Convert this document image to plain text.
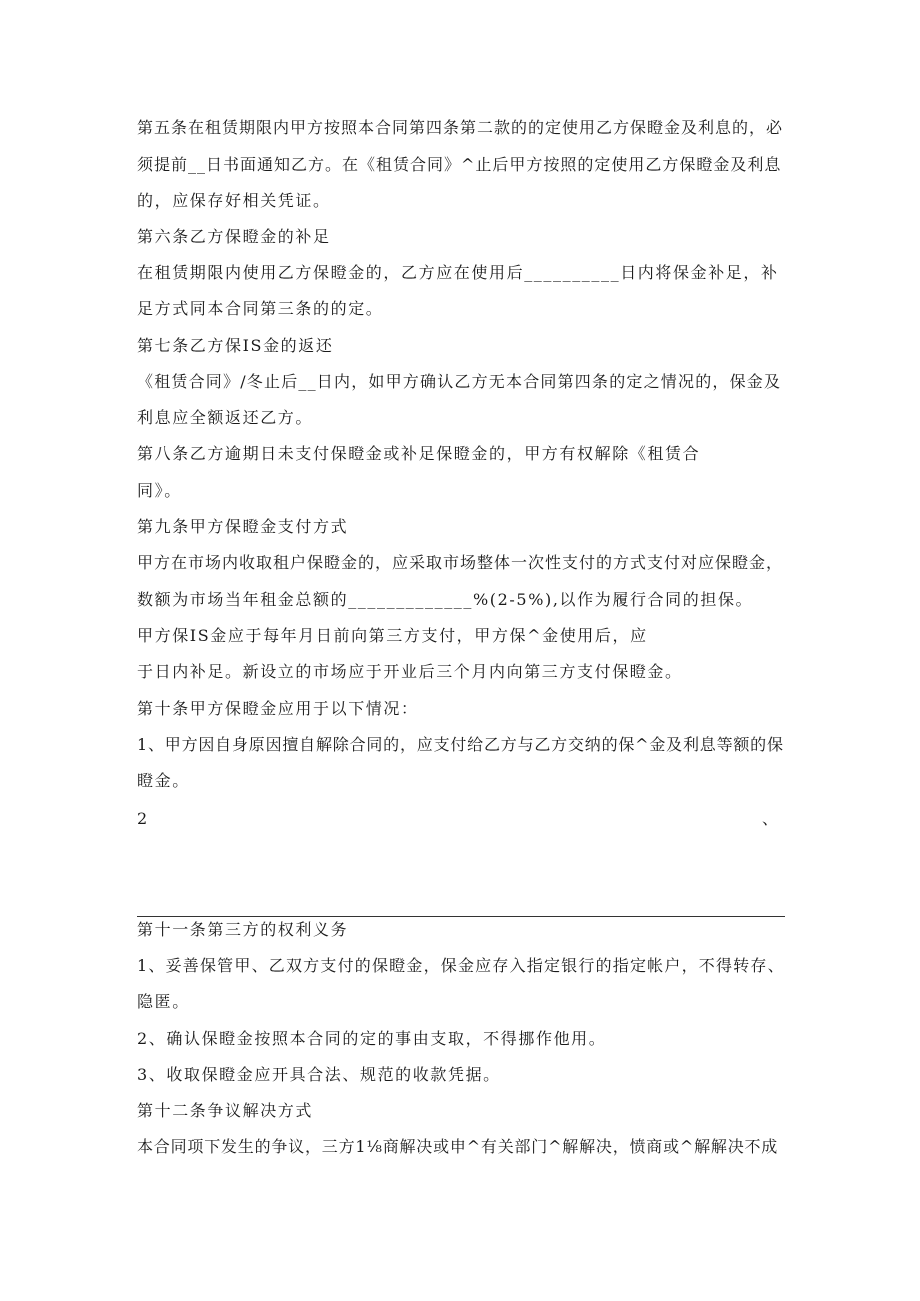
第五条在租赁期限内甲方按照本合同第四条第二款的的定使用乙方保瞪金及利息的，必
须提前__日书面通知乙方。在《租赁合同》^止后甲方按照的定使用乙方保瞪金及利息
的，应保存好相关凭证。
第六条乙方保瞪金的补足
在租赁期限内使用乙方保瞪金的，乙方应在使用后__________日内将保金补足，补
足方式同本合同第三条的的定。
第七条乙方保IS金的返还
《租赁合同》/冬止后__日内，如甲方确认乙方无本合同第四条的定之情况的，保金及
利息应全额返还乙方。
第八条乙方逾期日未支付保瞪金或补足保瞪金的，甲方有权解除《租赁合
同》。
第九条甲方保瞪金支付方式
甲方在市场内收取租户保瞪金的，应采取市场整体一次性支付的方式支付对应保瞪金，
数额为市场当年租金总额的_____________%(2-5%),以作为履行合同的担保。
甲方保IS金应于每年月日前向第三方支付，甲方保^金使用后，应
于日内补足。新设立的市场应于开业后三个月内向第三方支付保瞪金。
第十条甲方保瞪金应用于以下情况：
1、甲方因自身原因擅自解除合同的，应支付给乙方与乙方交纳的保^金及利息等额的保
瞪金。
2	、
第十一条第三方的权利义务
1、妥善保管甲、乙双方支付的保瞪金，保金应存入指定银行的指定帐户，不得转存、
隐匿。
2、确认保瞪金按照本合同的定的事由支取，不得挪作他用。
3、收取保瞪金应开具合法、规范的收款凭据。
第十二条争议解决方式
本合同项下发生的争议，三方1⅛商解决或申^有关部门^解解决，愤商或^解解决不成
